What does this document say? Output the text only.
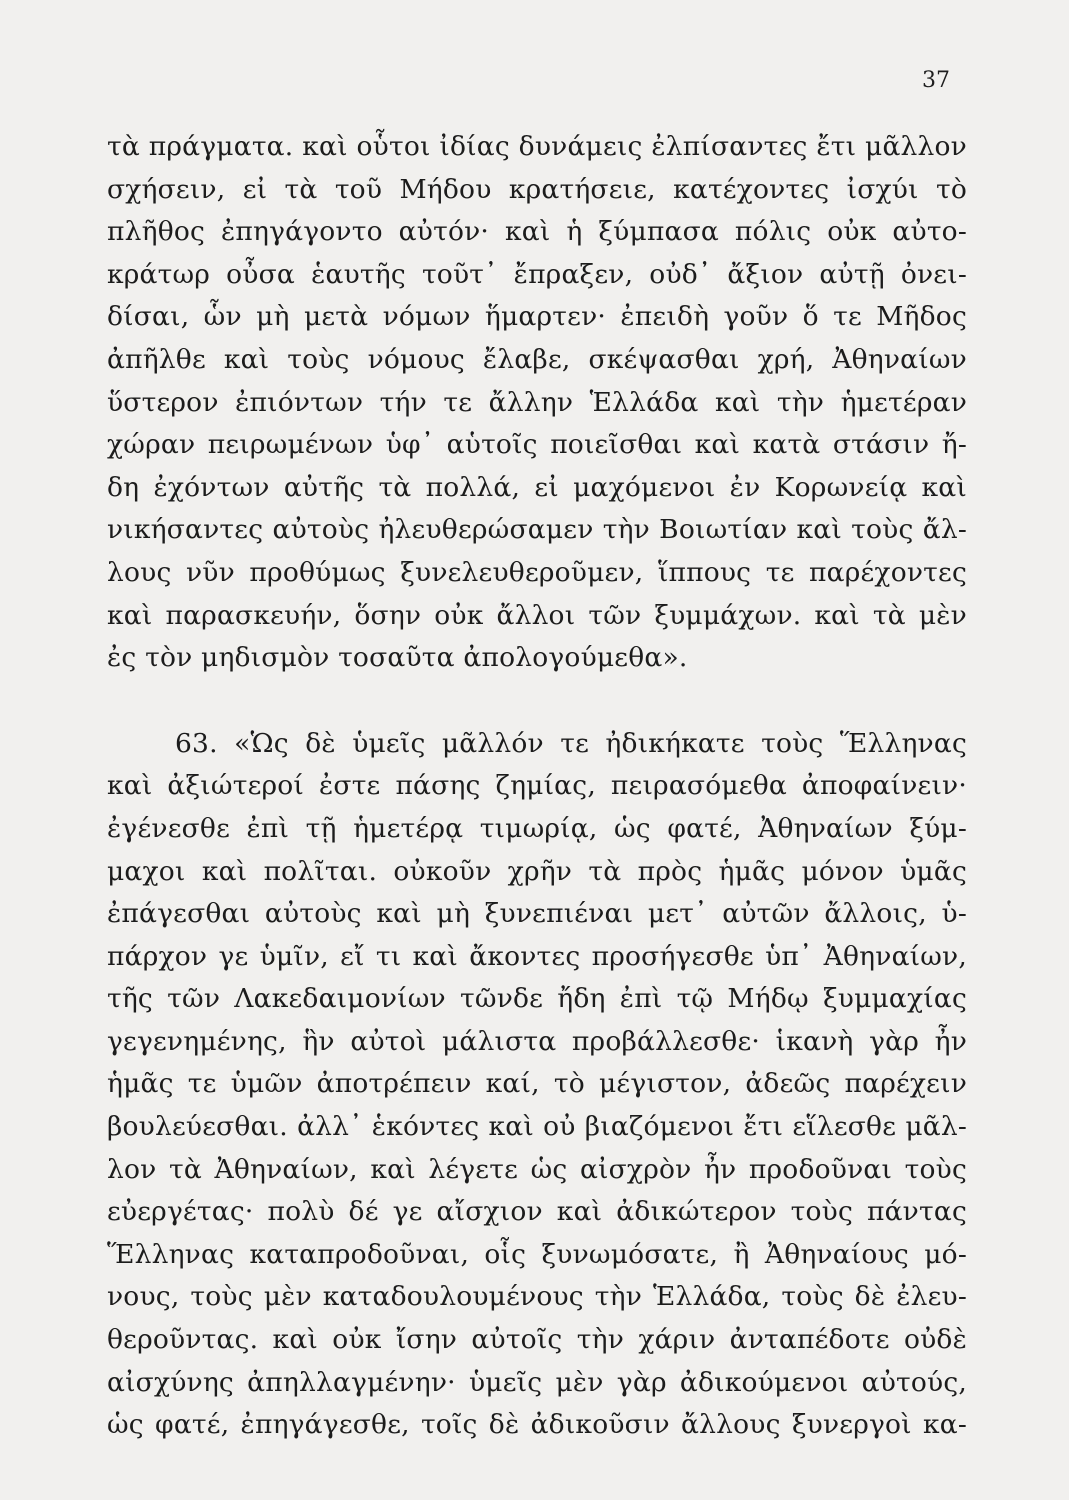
37

τὰ πράγματα. καὶ οὗτοι ἰδίας δυνάμεις ἐλπίσαντες ἔτι μᾶλλον
σχήσειν, εἰ τὰ τοῦ Μήδου κρατήσειε, κατέχοντες ἰσχύι τὸ
πλῆθος ἐπηγάγοντο αὐτόν· καὶ ἡ ξύμπασα πόλις οὐκ αὐτο-
κράτωρ οὖσα ἑαυτῆς τοῦτ᾽ ἔπραξεν, οὐδ᾽ ἄξιον αὐτῇ ὀνει-
δίσαι, ὧν μὴ μετὰ νόμων ἥμαρτεν· ἐπειδὴ γοῦν ὅ τε Μῆδος
ἀπῆλθε καὶ τοὺς νόμους ἔλαβε, σκέψασθαι χρή, Ἀθηναίων
ὕστερον ἐπιόντων τήν τε ἄλλην Ἑλλάδα καὶ τὴν ἡμετέραν
χώραν πειρωμένων ὑφ᾽ αὑτοῖς ποιεῖσθαι καὶ κατὰ στάσιν ἤ-
δη ἐχόντων αὐτῆς τὰ πολλά, εἰ μαχόμενοι ἐν Κορωνείᾳ καὶ
νικήσαντες αὐτοὺς ἠλευθερώσαμεν τὴν Βοιωτίαν καὶ τοὺς ἄλ-
λους νῦν προθύμως ξυνελευθεροῦμεν, ἵππους τε παρέχοντες
καὶ παρασκευήν, ὅσην οὐκ ἄλλοι τῶν ξυμμάχων. καὶ τὰ μὲν
ἐς τὸν μηδισμὸν τοσαῦτα ἀπολογούμεθα».

63. «Ὡς δὲ ὑμεῖς μᾶλλόν τε ἠδικήκατε τοὺς Ἕλληνας
καὶ ἀξιώτεροί ἐστε πάσης ζημίας, πειρασόμεθα ἀποφαίνειν·
ἐγένεσθε ἐπὶ τῇ ἡμετέρᾳ τιμωρίᾳ, ὡς φατέ, Ἀθηναίων ξύμ-
μαχοι καὶ πολῖται. οὐκοῦν χρῆν τὰ πρὸς ἡμᾶς μόνον ὑμᾶς
ἐπάγεσθαι αὐτοὺς καὶ μὴ ξυνεπιέναι μετ᾽ αὐτῶν ἄλλοις, ὑ-
πάρχον γε ὑμῖν, εἴ τι καὶ ἄκοντες προσήγεσθε ὑπ᾽ Ἀθηναίων,
τῆς τῶν Λακεδαιμονίων τῶνδε ἤδη ἐπὶ τῷ Μήδῳ ξυμμαχίας
γεγενημένης, ἣν αὐτοὶ μάλιστα προβάλλεσθε· ἱκανὴ γὰρ ἦν
ἡμᾶς τε ὑμῶν ἀποτρέπειν καί, τὸ μέγιστον, ἀδεῶς παρέχειν
βουλεύεσθαι. ἀλλ᾽ ἑκόντες καὶ οὐ βιαζόμενοι ἔτι εἵλεσθε μᾶλ-
λον τὰ Ἀθηναίων, καὶ λέγετε ὡς αἰσχρὸν ἦν προδοῦναι τοὺς
εὐεργέτας· πολὺ δέ γε αἴσχιον καὶ ἀδικώτερον τοὺς πάντας
Ἕλληνας καταπροδοῦναι, οἷς ξυνωμόσατε, ἢ Ἀθηναίους μό-
νους, τοὺς μὲν καταδουλουμένους τὴν Ἑλλάδα, τοὺς δὲ ἐλευ-
θεροῦντας. καὶ οὐκ ἴσην αὐτοῖς τὴν χάριν ἀνταπέδοτε οὐδὲ
αἰσχύνης ἀπηλλαγμένην· ὑμεῖς μὲν γὰρ ἀδικούμενοι αὐτούς,
ὡς φατέ, ἐπηγάγεσθε, τοῖς δὲ ἀδικοῦσιν ἄλλους ξυνεργοὶ κα-
